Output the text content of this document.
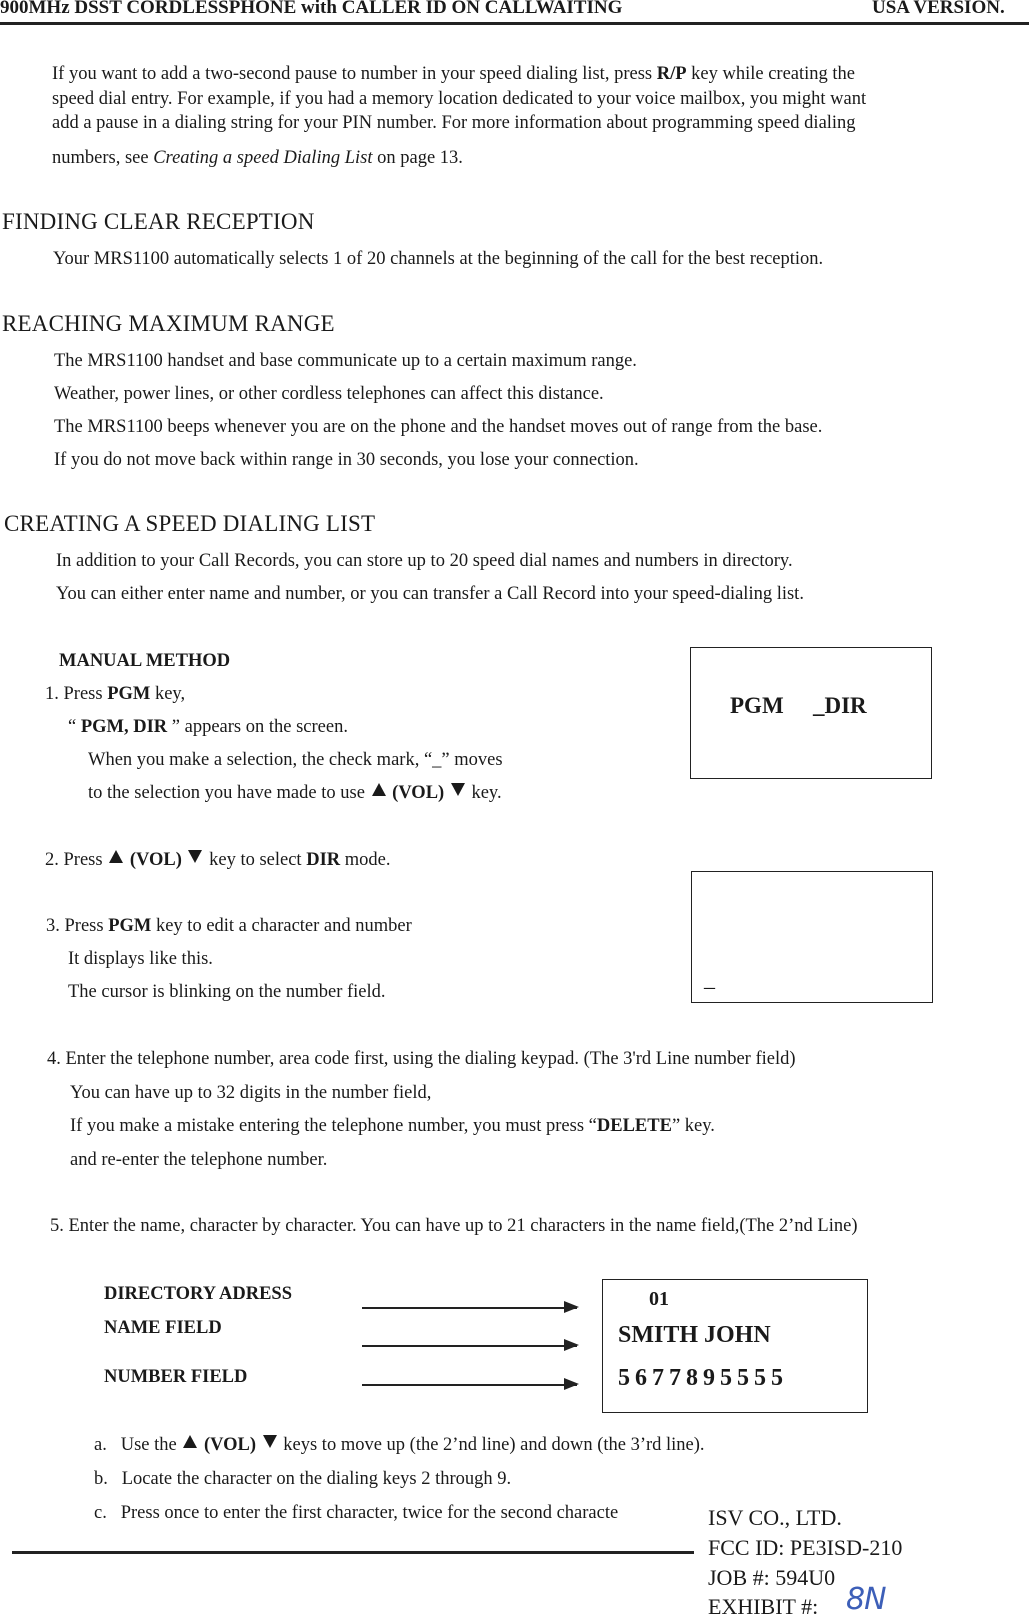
900MHz DSST CORDLESSPHONE with CALLER ID ON CALLWAITING	USA VERSION.
If you want to add a two-second pause to number in your speed dialing list, press R/P key while creating the
speed dial entry. For example, if you had a memory location dedicated to your voice mailbox, you might want
add a pause in a dialing string for your PIN number. For more information about programming speed dialing
numbers, see Creating a speed Dialing List on page 13.
FINDING CLEAR RECEPTION
Your MRS1100 automatically selects 1 of 20 channels at the beginning of the call for the best reception.
REACHING MAXIMUM RANGE
The MRS1100 handset and base communicate up to a certain maximum range.
Weather, power lines, or other cordless telephones can affect this distance.
The MRS1100 beeps whenever you are on the phone and the handset moves out of range from the base.
If you do not move back within range in 30 seconds, you lose your connection.
CREATING A SPEED DIALING LIST
In addition to your Call Records, you can store up to 20 speed dial names and numbers in directory.
You can either enter name and number, or you can transfer a Call Record into your speed-dialing list.
MANUAL METHOD
1. Press PGM key,
“ PGM, DIR ” appears on the screen.
When you make a selection, the check mark, “_” moves
to the selection you have made to use (VOL) key.
PGM _DIR
2. Press (VOL) key to select DIR mode.
3. Press PGM key to edit a character and number
It displays like this.
The cursor is blinking on the number field.
_
4. Enter the telephone number, area code first, using the dialing keypad. (The 3'rd Line number field)
You can have up to 32 digits in the number field,
If you make a mistake entering the telephone number, you must press “DELETE” key.
and re-enter the telephone number.
5. Enter the name, character by character. You can have up to 21 characters in the name field,(The 2’nd Line)
DIRECTORY ADRESS
NAME FIELD
NUMBER FIELD
01
SMITH JOHN
5677895555
a. Use the (VOL) keys to move up (the 2’nd line) and down (the 3’rd line).
b. Locate the character on the dialing keys 2 through 9.
c. Press once to enter the first character, twice for the second characte	ISV CO., LTD.
FCC ID: PE3ISD-210
JOB #: 594U0
EXHIBIT #: 8N
